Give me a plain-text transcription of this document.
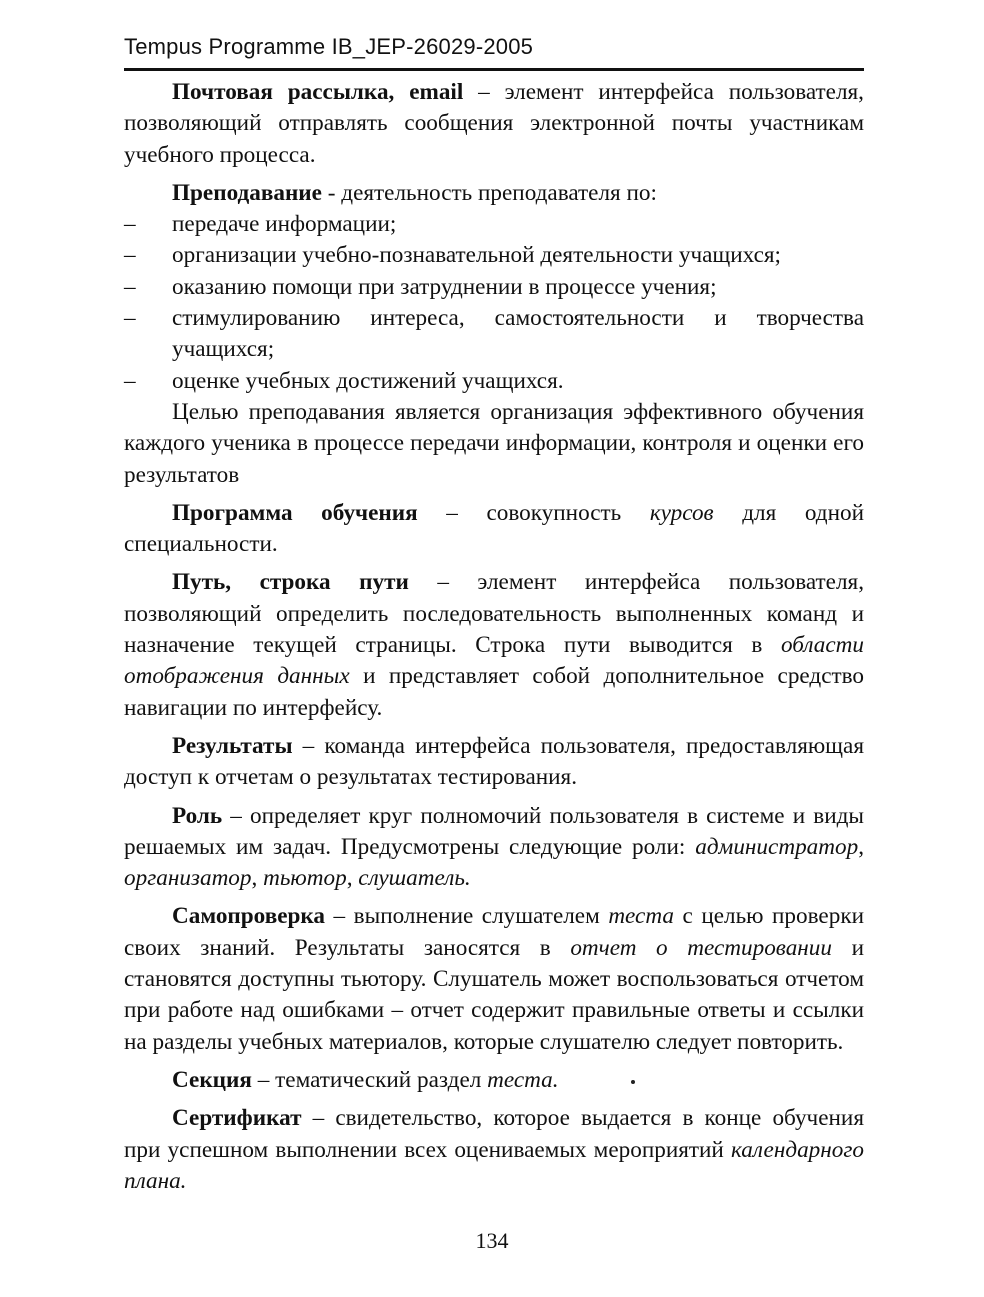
Tempus Programme IB_JEP-26029-2005

Почтовая рассылка, email – элемент интерфейса пользователя, позволяющий отправлять сообщения электронной почты участникам учебного процесса.

Преподавание - деятельность преподавателя по:

– передаче информации;
– организации учебно-познавательной деятельности учащихся;
– оказанию помощи при затруднении в процессе учения;
– стимулированию интереса, самостоятельности и творчества учащихся;
– оценке учебных достижений учащихся.

Целью преподавания является организация эффективного обучения каждого ученика в процессе передачи информации, контроля и оценки его результатов

Программа обучения – совокупность курсов для одной специальности.

Путь, строка пути – элемент интерфейса пользователя, позволяющий определить последовательность выполненных команд и назначение текущей страницы. Строка пути выводится в области отображения данных и представляет собой дополнительное средство навигации по интерфейсу.

Результаты – команда интерфейса пользователя, предоставляющая доступ к отчетам о результатах тестирования.

Роль – определяет круг полномочий пользователя в системе и виды решаемых им задач. Предусмотрены следующие роли: администратор, организатор, тьютор, слушатель.

Самопроверка – выполнение слушателем теста с целью проверки своих знаний. Результаты заносятся в отчет о тестировании и становятся доступны тьютору. Слушатель может воспользоваться отчетом при работе над ошибками – отчет содержит правильные ответы и ссылки на разделы учебных материалов, которые слушателю следует повторить.

Секция – тематический раздел теста.

Сертификат – свидетельство, которое выдается в конце обучения при успешном выполнении всех оцениваемых мероприятий календарного плана.

134
